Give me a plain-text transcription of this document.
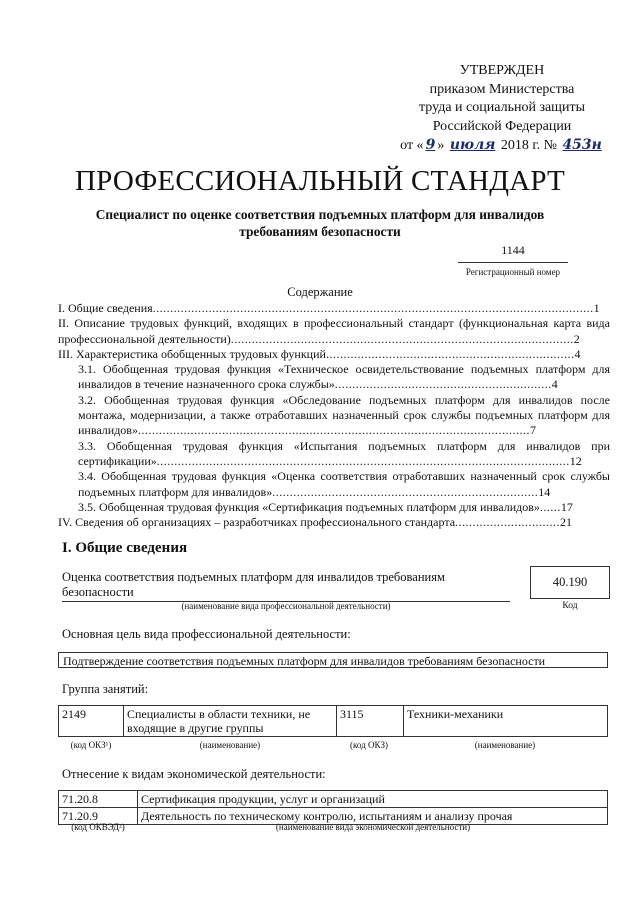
УТВЕРЖДЕН
приказом Министерства
труда и социальной защиты
Российской Федерации
от « 9 » июля 2018 г. № 453н
ПРОФЕССИОНАЛЬНЫЙ СТАНДАРТ
Специалист по оценке соответствия подъемных платформ для инвалидов требованиям безопасности
1144
Регистрационный номер
Содержание

I. Общие сведения..............................................................................................................................1

II. Описание трудовых функций, входящих в профессиональный стандарт (функциональная карта вида профессиональной деятельности)..................................................................................................2

III. Характеристика обобщенных трудовых функций.......................................................................4

3.1. Обобщенная трудовая функция «Техническое освидетельствование подъемных платформ для инвалидов в течение назначенного срока службы»..............................................................4

3.2. Обобщенная трудовая функция «Обследование подъемных платформ для инвалидов после монтажа, модернизации, а также отработавших назначенный срок службы подъемных платформ для инвалидов»................................................................................................................7

3.3. Обобщенная трудовая функция «Испытания подъемных платформ для инвалидов при сертификации»......................................................................................................................12

3.4. Обобщенная трудовая функция «Оценка соответствия отработавших назначенный срок службы подъемных платформ для инвалидов»............................................................................14

3.5. Обобщенная трудовая функция «Сертификация подъемных платформ для инвалидов»......17

IV. Сведения об организациях – разработчиках профессионального стандарта..............................21

I. Общие сведения
Оценка соответствия подъемных платформ для инвалидов требованиям безопасности
(наименование вида профессиональной деятельности)
40.190
Код
Основная цель вида профессиональной деятельности:
Подтверждение соответствия подъемных платформ для инвалидов требованиям безопасности
Группа занятий:
2149	Специалисты в области техники, не входящие в другие группы	3115	Техники-механики
(код ОКЗ¹)	(наименование)	(код ОКЗ)	(наименование)
Отнесение к видам экономической деятельности:
71.20.8	Сертификация продукции, услуг и организаций
71.20.9	Деятельность по техническому контролю, испытаниям и анализу прочая
(код ОКВЭД²)	(наименование вида экономической деятельности)
